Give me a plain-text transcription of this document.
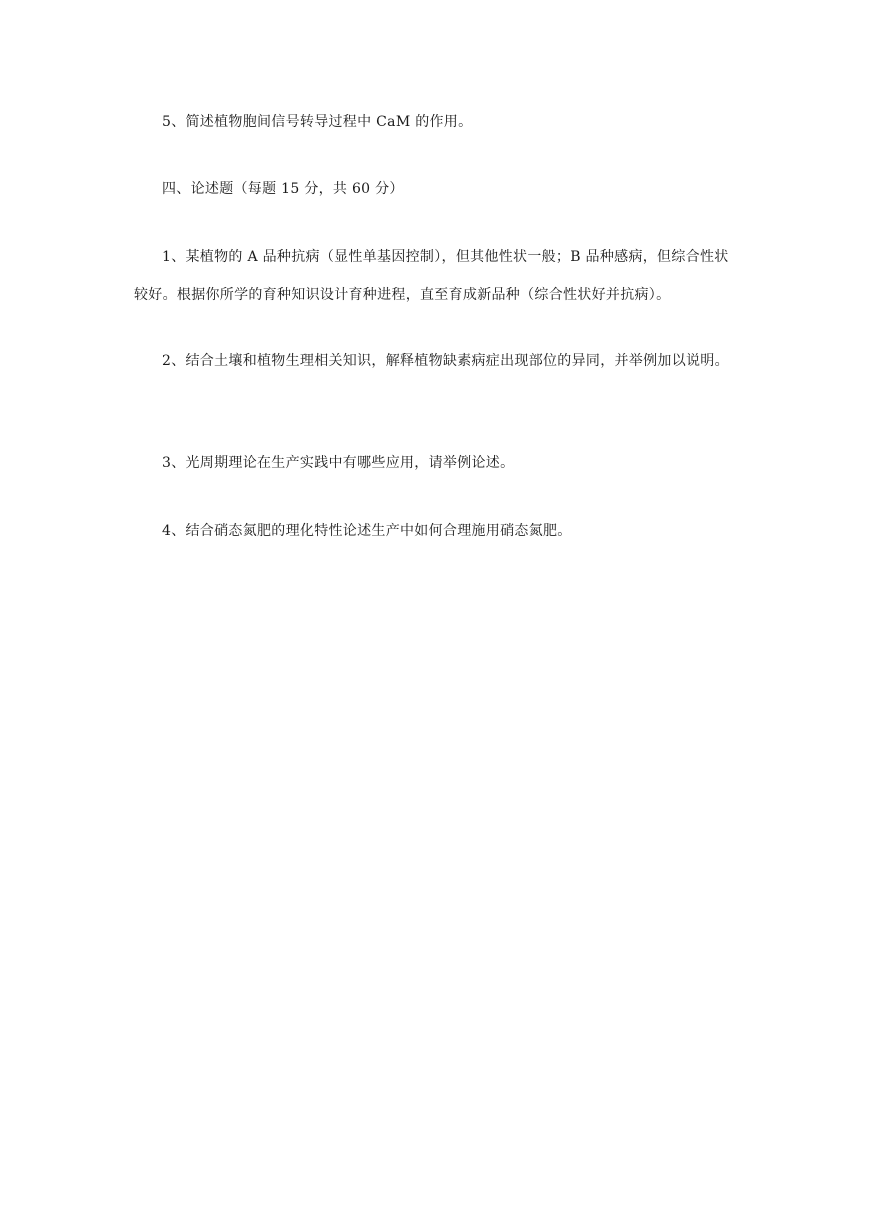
5、简述植物胞间信号转导过程中 CaM 的作用。

四、论述题（每题 15 分，共 60 分）

1、某植物的 A 品种抗病（显性单基因控制），但其他性状一般；B 品种感病，但综合性状较好。根据你所学的育种知识设计育种进程，直至育成新品种（综合性状好并抗病）。

2、结合土壤和植物生理相关知识，解释植物缺素病症出现部位的异同，并举例加以说明。

3、光周期理论在生产实践中有哪些应用，请举例论述。

4、结合硝态氮肥的理化特性论述生产中如何合理施用硝态氮肥。
